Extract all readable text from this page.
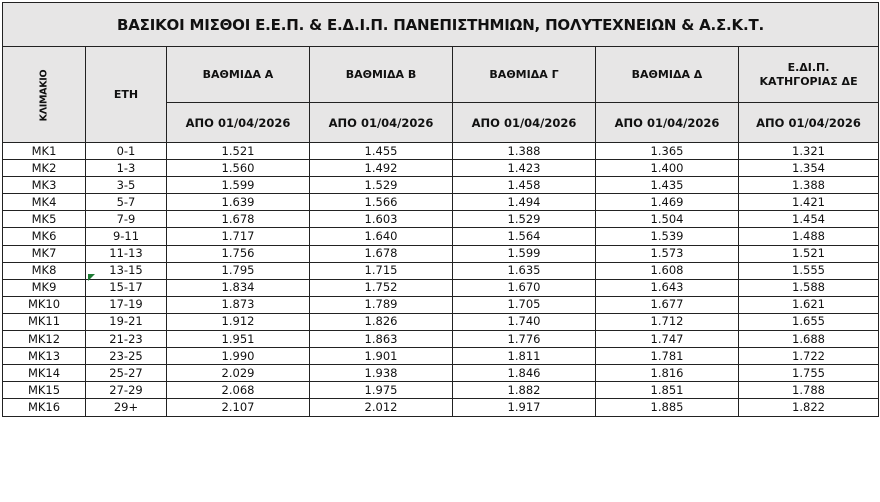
ΒΑΣΙΚΟΙ ΜΙΣΘΟΙ Ε.Ε.Π. & Ε.Δ.Ι.Π. ΠΑΝΕΠΙΣΤΗΜΙΩΝ, ΠΟΛΥΤΕΧΝΕΙΩΝ & Α.Σ.Κ.Τ.						
ΚΛΙΜΑΚΙΟ	ΕΤΗ	ΒΑΘΜΙΔΑ Α	ΒΑΘΜΙΔΑ Β	ΒΑΘΜΙΔΑ Γ	ΒΑΘΜΙΔΑ Δ	Ε.ΔΙ.Π.
ΚΑΤΗΓΟΡΙΑΣ ΔΕ

		ΑΠΟ 01/04/2026	ΑΠΟ 01/04/2026	ΑΠΟ 01/04/2026	ΑΠΟ 01/04/2026	ΑΠΟ 01/04/2026
ΜΚ1	0-1	1.521	1.455	1.388	1.365	1.321
ΜΚ2	1-3	1.560	1.492	1.423	1.400	1.354
ΜΚ3	3-5	1.599	1.529	1.458	1.435	1.388
ΜΚ4	5-7	1.639	1.566	1.494	1.469	1.421
ΜΚ5	7-9	1.678	1.603	1.529	1.504	1.454
ΜΚ6	9-11	1.717	1.640	1.564	1.539	1.488
ΜΚ7	11-13	1.756	1.678	1.599	1.573	1.521
ΜΚ8	13-15	1.795	1.715	1.635	1.608	1.555
ΜΚ9	15-17	1.834	1.752	1.670	1.643	1.588
ΜΚ10	17-19	1.873	1.789	1.705	1.677	1.621
ΜΚ11	19-21	1.912	1.826	1.740	1.712	1.655
ΜΚ12	21-23	1.951	1.863	1.776	1.747	1.688
ΜΚ13	23-25	1.990	1.901	1.811	1.781	1.722
ΜΚ14	25-27	2.029	1.938	1.846	1.816	1.755
ΜΚ15	27-29	2.068	1.975	1.882	1.851	1.788
ΜΚ16	29+	2.107	2.012	1.917	1.885	1.822
